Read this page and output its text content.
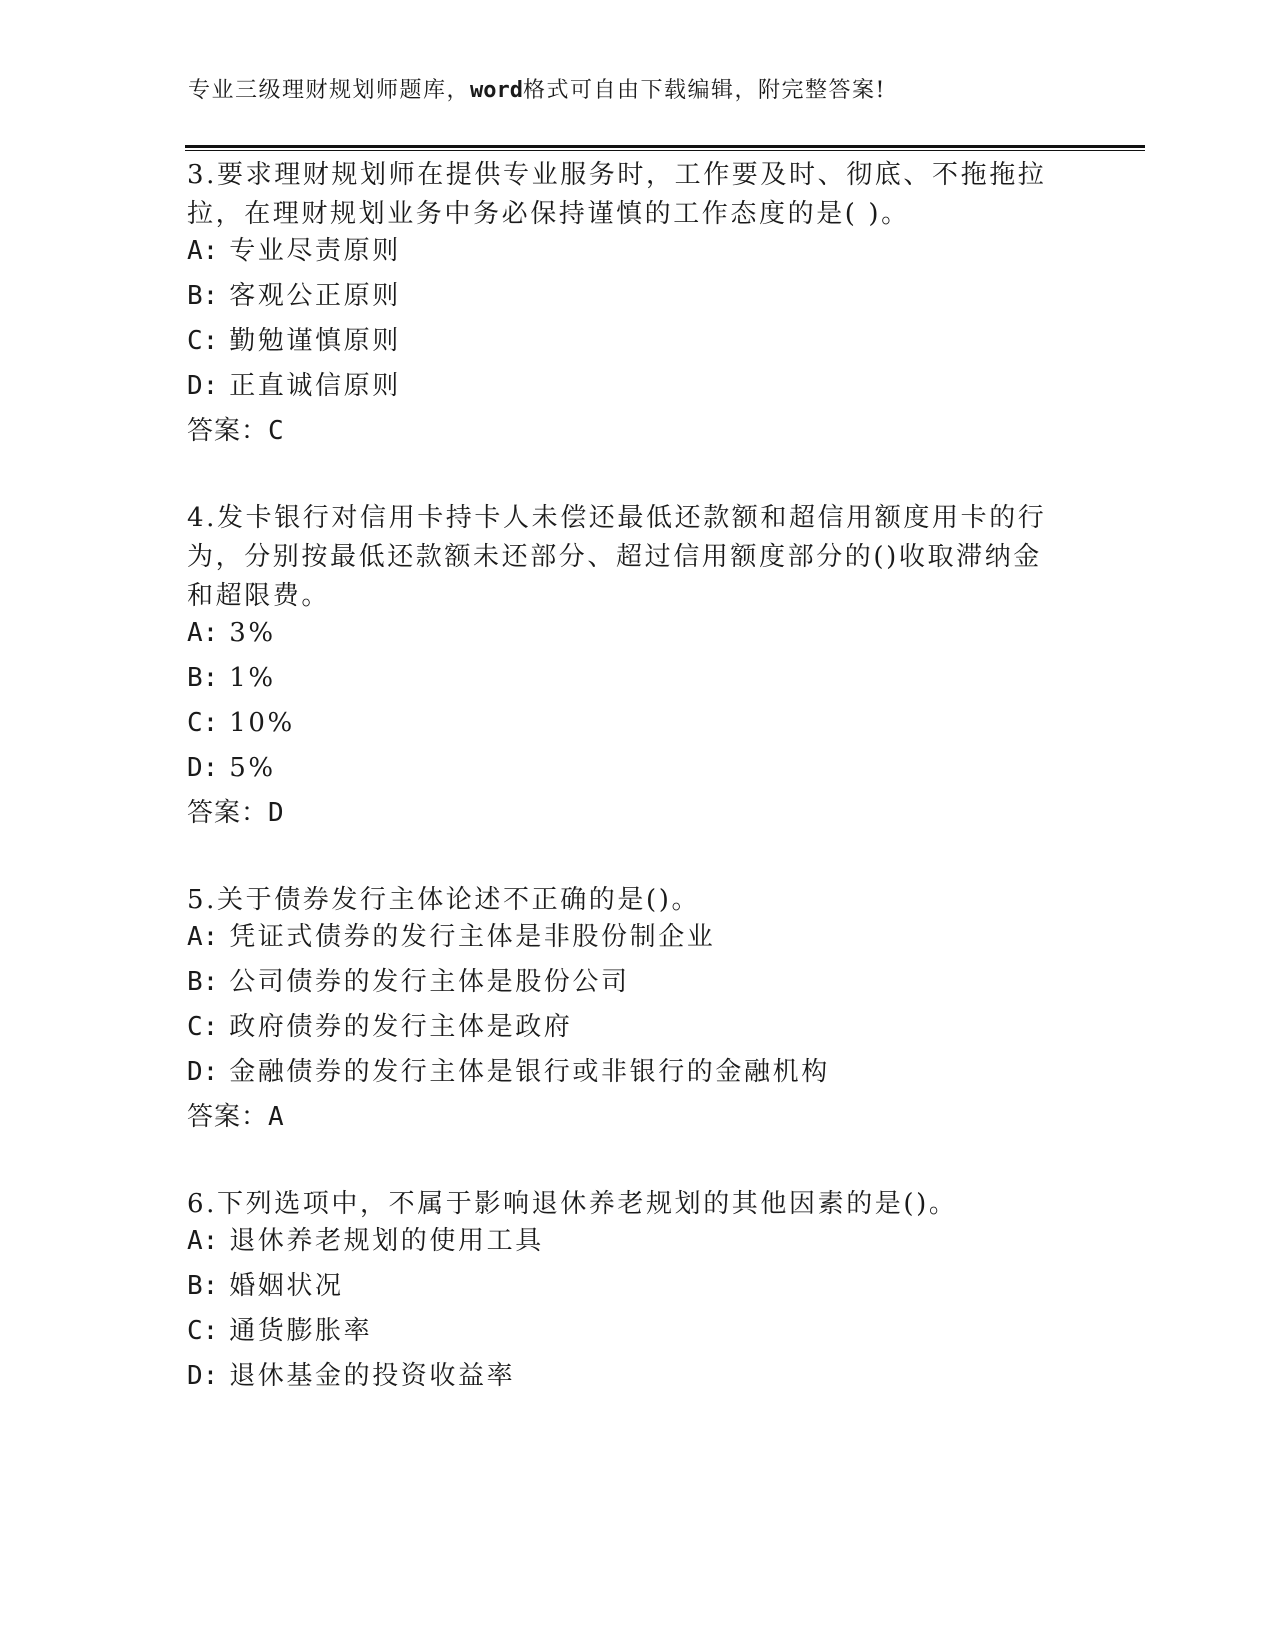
专业三级理财规划师题库，word格式可自由下载编辑，附完整答案!

3.要求理财规划师在提供专业服务时，工作要及时、彻底、不拖拖拉拉，在理财规划业务中务必保持谨慎的工作态度的是( )。

A: 专业尽责原则
B: 客观公正原则
C: 勤勉谨慎原则
D: 正直诚信原则
答案：C

4.发卡银行对信用卡持卡人未偿还最低还款额和超信用额度用卡的行为，分别按最低还款额未还部分、超过信用额度部分的()收取滞纳金和超限费。

A: 3%
B: 1%
C: 10%
D: 5%
答案：D

5.关于债券发行主体论述不正确的是()。

A: 凭证式债券的发行主体是非股份制企业
B: 公司债券的发行主体是股份公司
C: 政府债券的发行主体是政府
D: 金融债券的发行主体是银行或非银行的金融机构
答案：A

6.下列选项中，不属于影响退休养老规划的其他因素的是()。

A: 退休养老规划的使用工具
B: 婚姻状况
C: 通货膨胀率
D: 退休基金的投资收益率
